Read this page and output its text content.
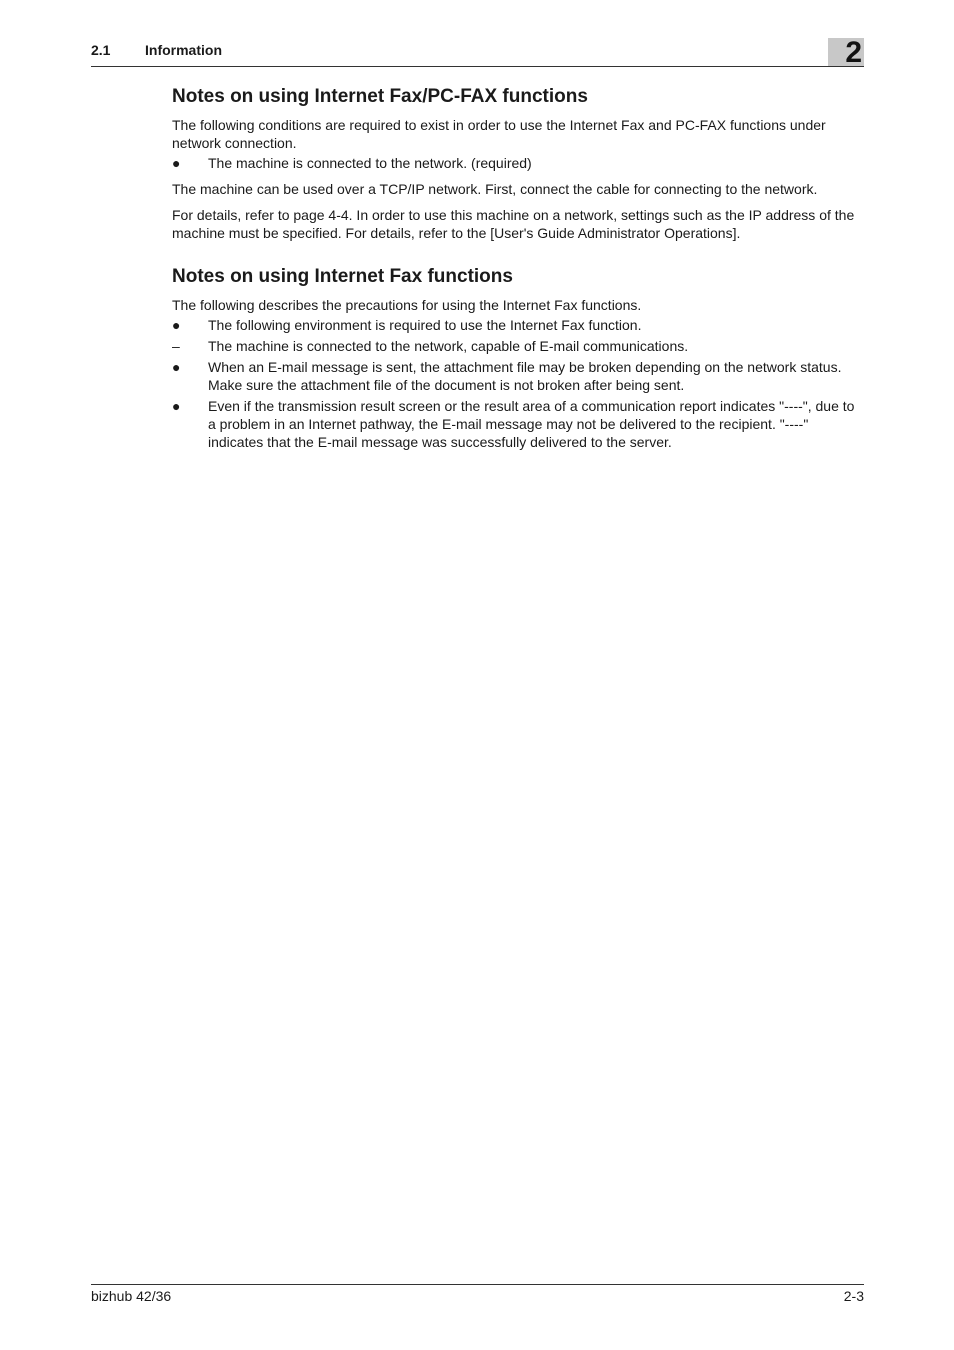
2.1 Information	2
Notes on using Internet Fax/PC-FAX functions

The following conditions are required to exist in order to use the Internet Fax and PC-FAX functions under network connection.

●	The machine is connected to the network. (required)

The machine can be used over a TCP/IP network. First, connect the cable for connecting to the network.

For details, refer to page 4-4. In order to use this machine on a network, settings such as the IP address of the machine must be specified. For details, refer to the [User's Guide Administrator Operations].

Notes on using Internet Fax functions

The following describes the precautions for using the Internet Fax functions.

●	The following environment is required to use the Internet Fax function.
–	The machine is connected to the network, capable of E-mail communications.
●	When an E-mail message is sent, the attachment file may be broken depending on the network status. Make sure the attachment file of the document is not broken after being sent.
●	Even if the transmission result screen or the result area of a communication report indicates "----", due to a problem in an Internet pathway, the E-mail message may not be delivered to the recipient. "----" indicates that the E-mail message was successfully delivered to the server.
bizhub 42/36	2-3
